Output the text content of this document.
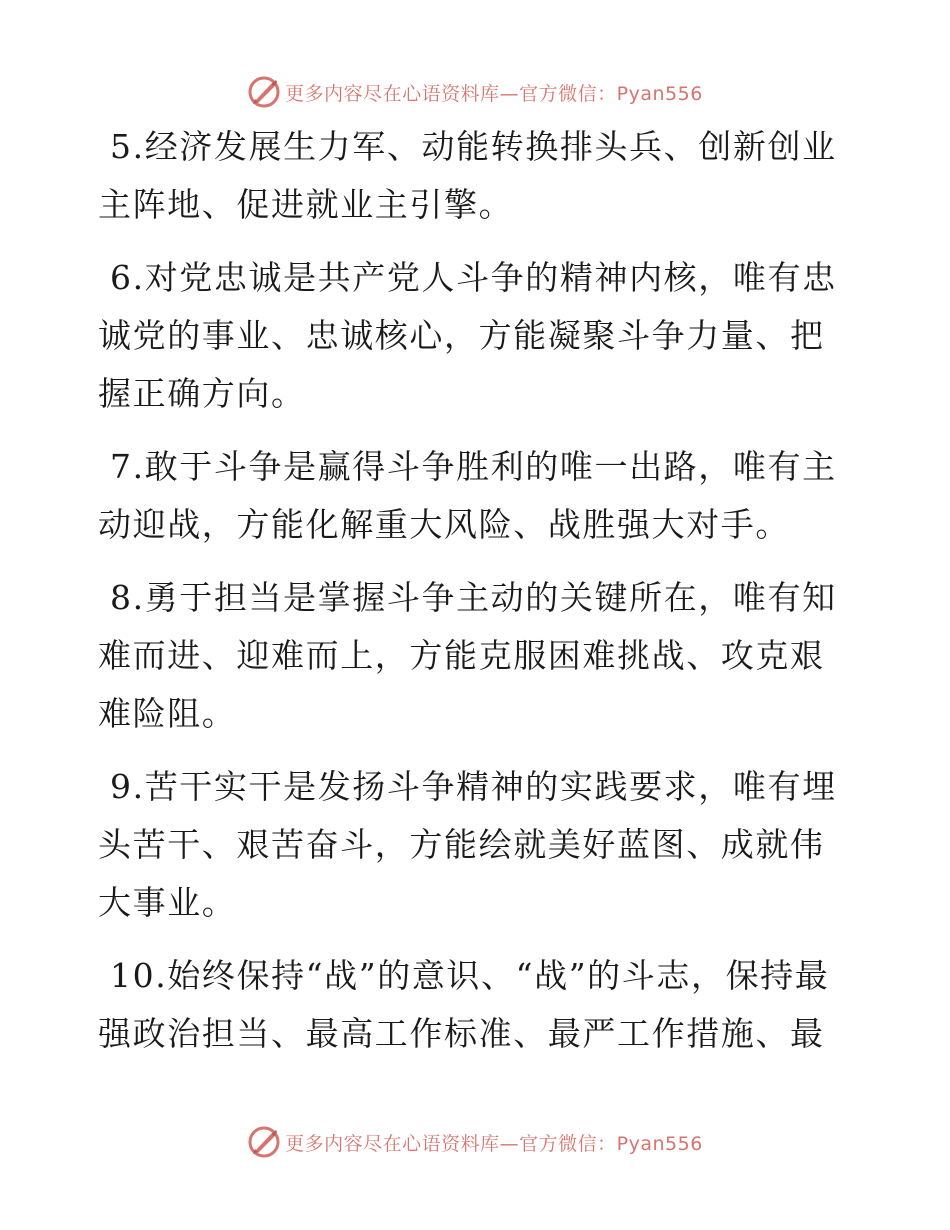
更多内容尽在心语资料库—官方微信：Pyan556

5.经济发展生力军、动能转换排头兵、创新创业主阵地、促进就业主引擎。

6.对党忠诚是共产党人斗争的精神内核，唯有忠诚党的事业、忠诚核心，方能凝聚斗争力量、把握正确方向。

7.敢于斗争是赢得斗争胜利的唯一出路，唯有主动迎战，方能化解重大风险、战胜强大对手。

8.勇于担当是掌握斗争主动的关键所在，唯有知难而进、迎难而上，方能克服困难挑战、攻克艰难险阻。

9.苦干实干是发扬斗争精神的实践要求，唯有埋头苦干、艰苦奋斗，方能绘就美好蓝图、成就伟大事业。

10.始终保持“战”的意识、“战”的斗志，保持最强政治担当、最高工作标准、最严工作措施、最

更多内容尽在心语资料库—官方微信：Pyan556
